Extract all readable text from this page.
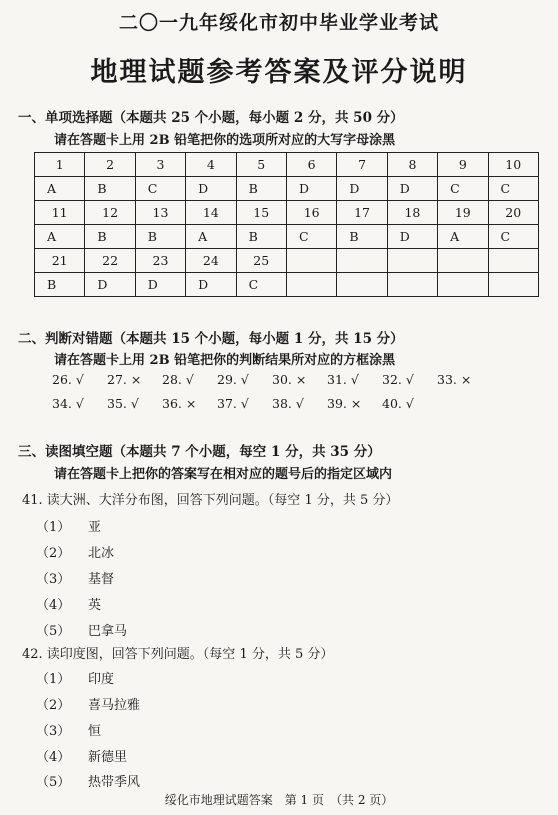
二〇一九年绥化市初中毕业学业考试
地理试题参考答案及评分说明
一、单项选择题（本题共 25 个小题，每小题 2 分，共 50 分）
请在答题卡上用 2B 铅笔把你的选项所对应的大写字母涂黑
1	2	3	4	5	6	7	8	9	10
A	B	C	D	B	D	D	D	C	C
11	12	13	14	15	16	17	18	19	20
A	B	B	A	B	C	B	D	A	C
21	22	23	24	25					
B	D	D	D	C					
二、判断对错题（本题共 15 个小题，每小题 1 分，共 15 分）
请在答题卡上用 2B 铅笔把你的判断结果所对应的方框涂黑
26. √ 27. × 28. √ 29. √ 30. × 31. √ 32. √ 33. ×
34. √ 35. √ 36. × 37. √ 38. √ 39. × 40. √
三、读图填空题（本题共 7 个小题，每空 1 分，共 35 分）
请在答题卡上把你的答案写在相对应的题号后的指定区域内
41. 读大洲、大洋分布图，回答下列问题。（每空 1 分，共 5 分）
（1） 亚
（2） 北冰
（3） 基督
（4） 英
（5） 巴拿马
42. 读印度图，回答下列问题。（每空 1 分，共 5 分）
（1） 印度
（2） 喜马拉雅
（3） 恒
（4） 新德里
（5） 热带季风
绥化市地理试题答案　第 1 页　（共 2 页）
